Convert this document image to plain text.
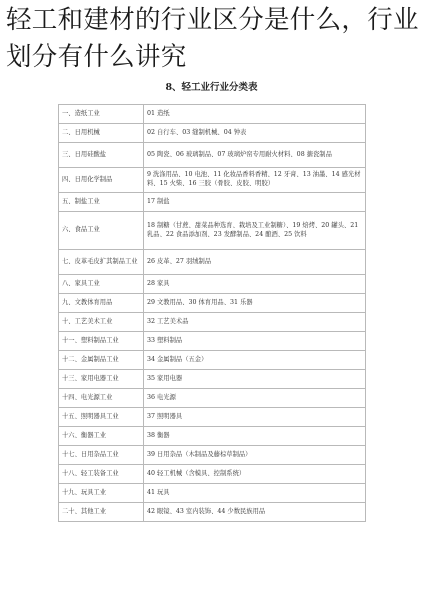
轻工和建材的行业区分是什么，行业划分有什么讲究
8、轻工业行业分类表
一、造纸工业	01 造纸
二、日用机械	02 自行车、03 缝制机械、04 钟表
三、日用硅酸盐	05 陶瓷、06 玻璃制品、07 玻璃炉窑专用耐火材料、08 搪瓷制品
四、日用化学制品	9 洗涤用品、10 电池、11 化妆品香料香精、12 牙膏、13 油墨、14 感光材料、15 火柴、16 三胶（骨胶、皮胶、明胶）
五、制盐工业	17 制盐
六、食品工业	18 制糖（甘蔗、甜菜品种选育、栽培及工业制糖）、19 焙烤、20 罐头、21 乳品、22 食品添加剂、23 发酵制品、24 酿酒、25 饮料
七、皮革毛皮扩其制品工业	26 皮革、27 羽绒制品
八、家具工业	28 家具
九、文教体育用品	29 文教用品、30 体育用品、31 乐器
十、工艺美术工业	32 工艺美术品
十一、塑料制品工业	33 塑料制品
十二、金属制品工业	34 金属制品（五金）
十三、家用电器工业	35 家用电器
十四、电光源工业	36 电光源
十五、照明器具工业	37 照明器具
十六、衡器工业	38 衡器
十七、日用杂品工业	39 日用杂品（木制品及藤棕草制品）
十八、轻工装备工业	40 轻工机械（含模具、控制系统）
十九、玩具工业	41 玩具
二十、其他工业	42 眼镜、43 室内装饰、44 少数民族用品
